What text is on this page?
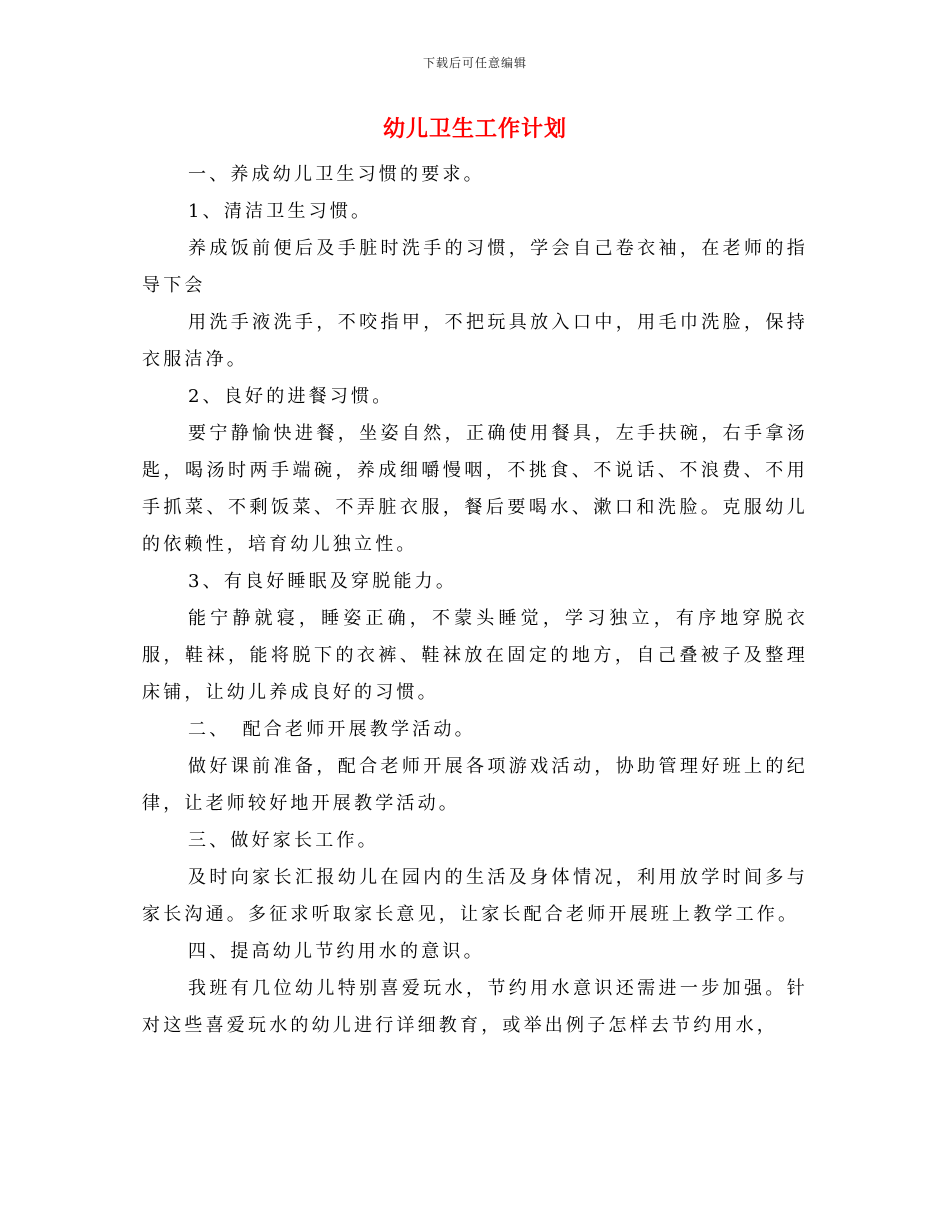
下载后可任意编辑
幼儿卫生工作计划

一、养成幼儿卫生习惯的要求。

1、清洁卫生习惯。

养成饭前便后及手脏时洗手的习惯，学会自己卷衣袖，在老师的指导下会

用洗手液洗手，不咬指甲，不把玩具放入口中，用毛巾洗脸，保持衣服洁净。

2、良好的进餐习惯。

要宁静愉快进餐，坐姿自然，正确使用餐具，左手扶碗，右手拿汤匙，喝汤时两手端碗，养成细嚼慢咽，不挑食、不说话、不浪费、不用手抓菜、不剩饭菜、不弄脏衣服，餐后要喝水、漱口和洗脸。克服幼儿的依赖性，培育幼儿独立性。

3、有良好睡眠及穿脱能力。

能宁静就寝，睡姿正确，不蒙头睡觉，学习独立，有序地穿脱衣服，鞋袜，能将脱下的衣裤、鞋袜放在固定的地方，自己叠被子及整理床铺，让幼儿养成良好的习惯。

二、　配合老师开展教学活动。

做好课前准备，配合老师开展各项游戏活动，协助管理好班上的纪律，让老师较好地开展教学活动。

三、做好家长工作。

及时向家长汇报幼儿在园内的生活及身体情况，利用放学时间多与家长沟通。多征求听取家长意见，让家长配合老师开展班上教学工作。

四、提高幼儿节约用水的意识。

我班有几位幼儿特别喜爱玩水，节约用水意识还需进一步加强。针对这些喜爱玩水的幼儿进行详细教育，或举出例子怎样去节约用水，
